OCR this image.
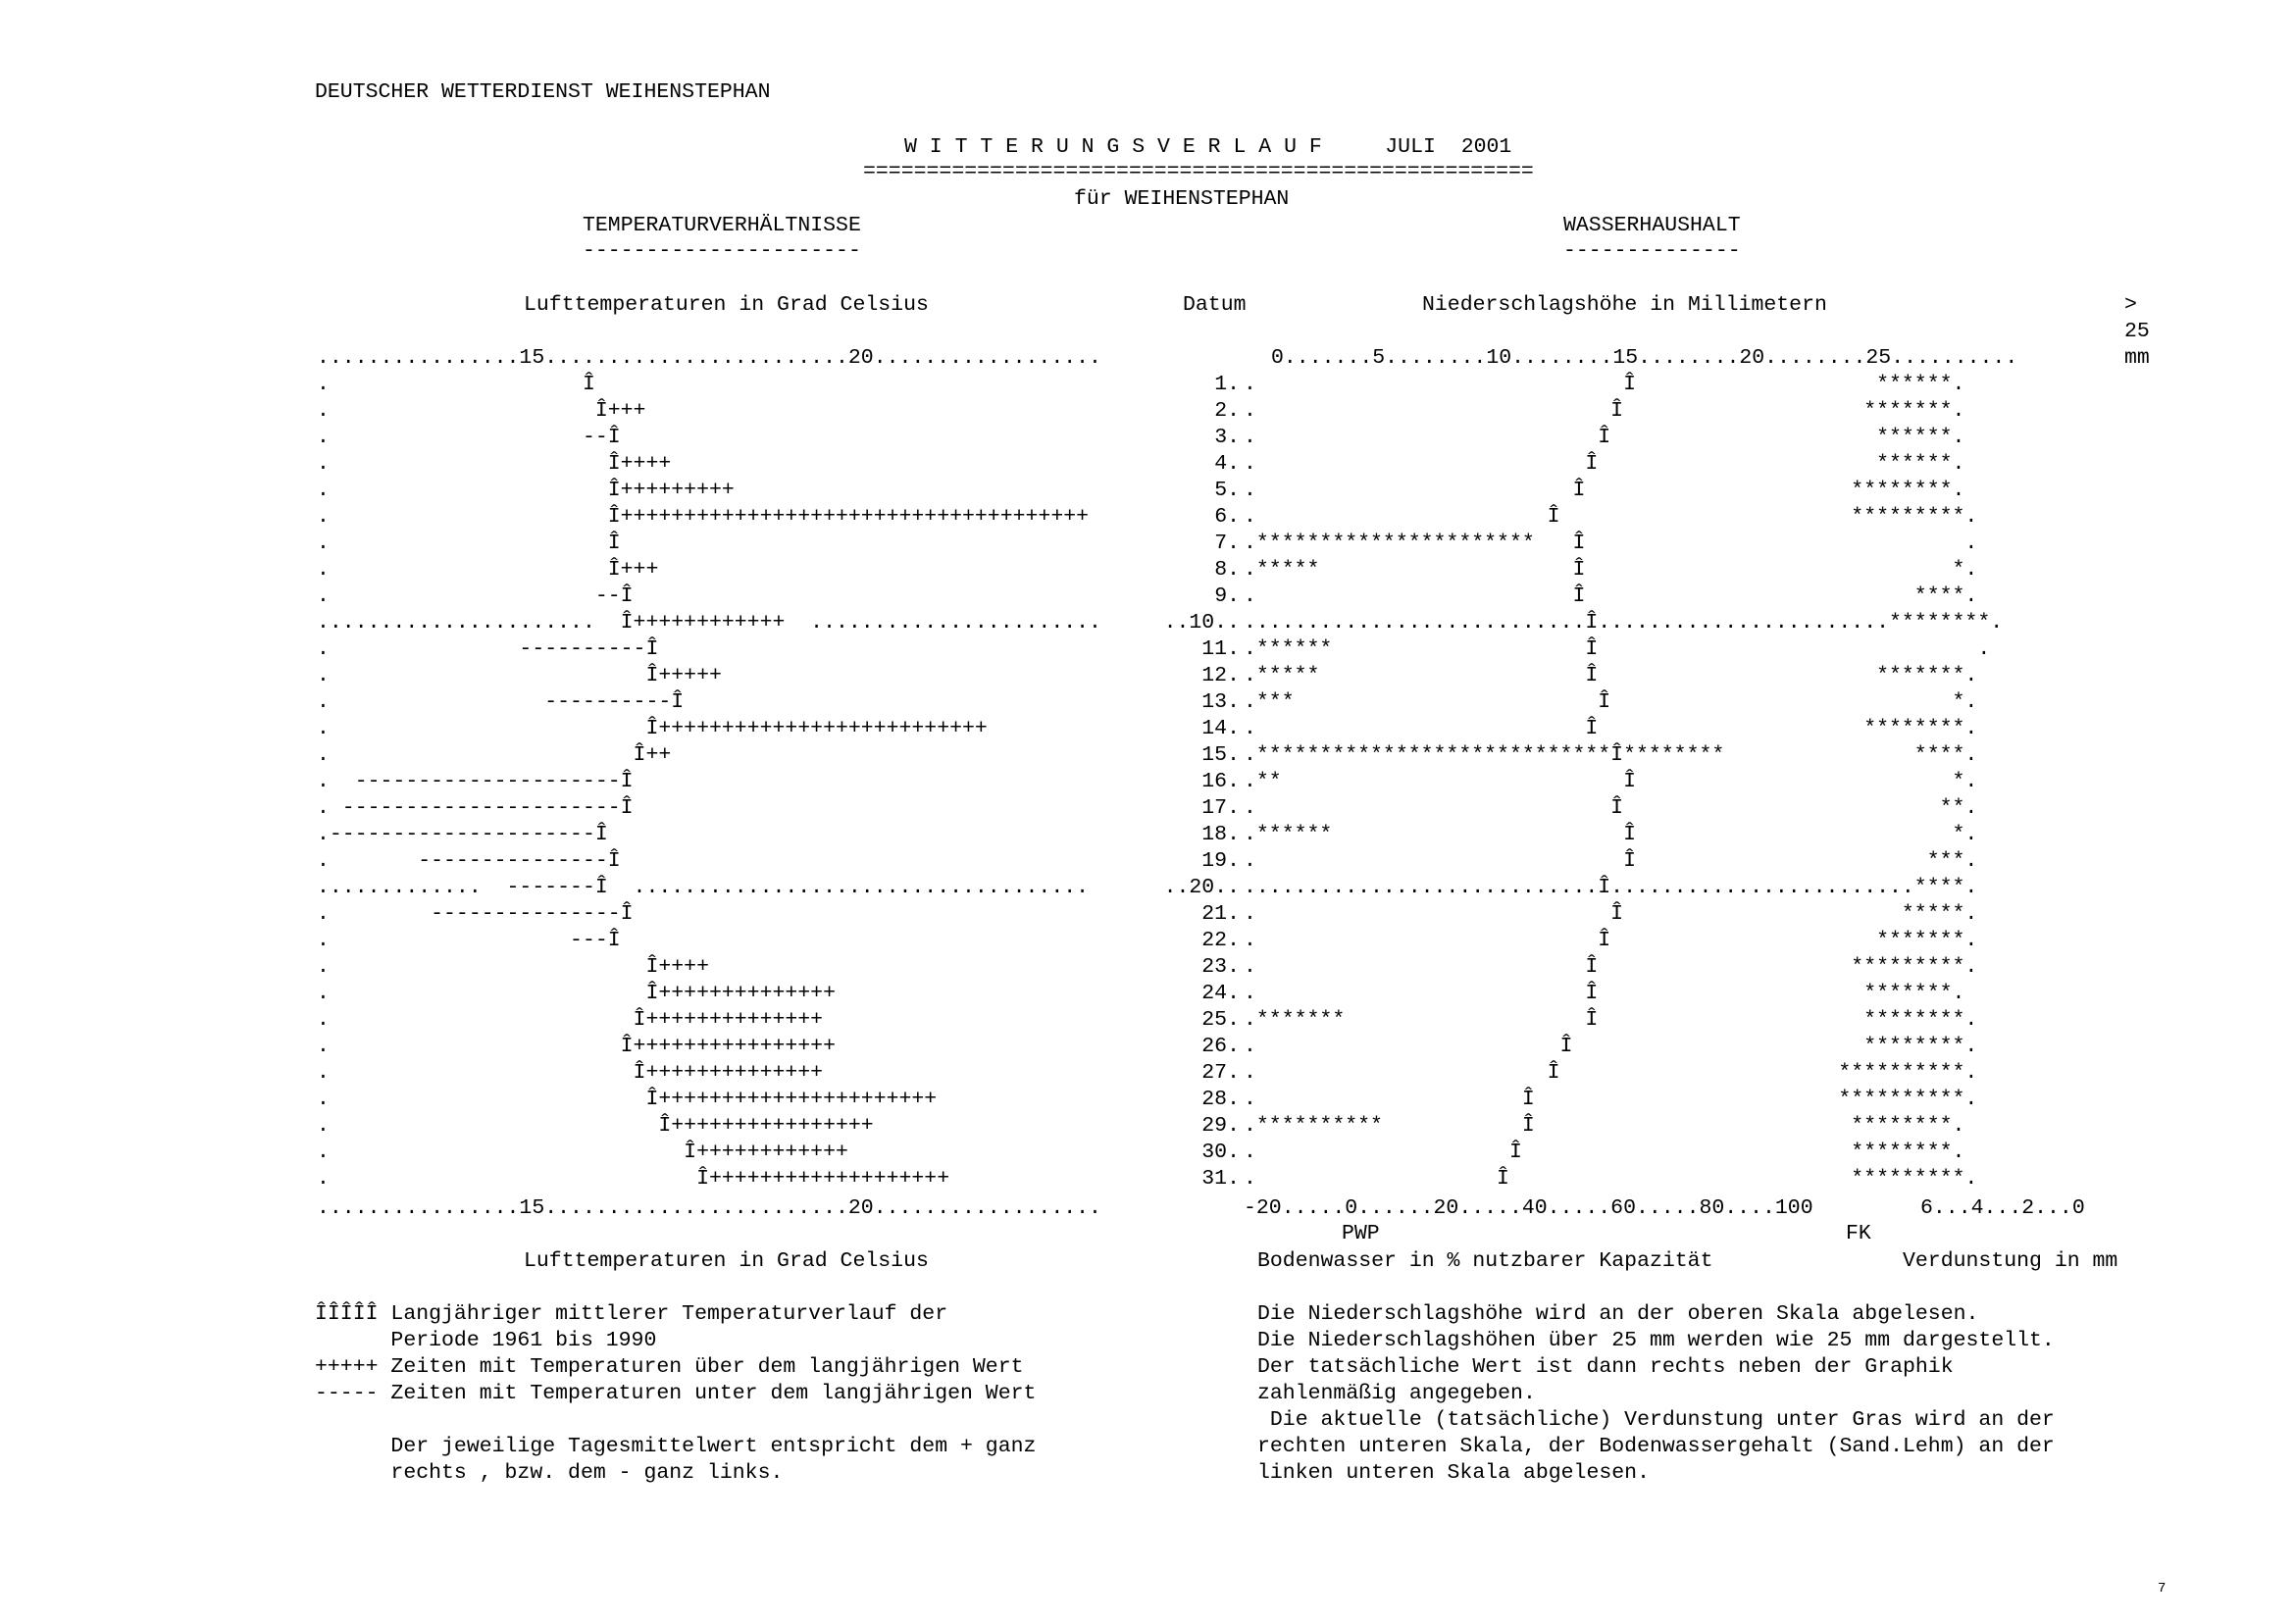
DEUTSCHER WETTERDIENST WEIHENSTEPHAN
W I T T E R U N G S V E R L A U F     JULI  2001
=====================================================
für WEIHENSTEPHAN
TEMPERATURVERHÄLTNISSE
----------------------
WASSERHAUSHALT
--------------
Lufttemperaturen in Grad Celsius	Datum	Niederschlagshöhe in Millimetern	>
25
................15........................20..................	0.......5........10........15........20........25..........	mm
.                    Î	1. .                             Î                   ******.
.                     Î+++	2. .                            Î                   *******.
.                    --Î	3. .                           Î                     ******.
.                      Î++++	4. .                          Î                      ******.
.                      Î+++++++++	5. .                         Î                     ********.
.                      Î+++++++++++++++++++++++++++++++++++++	6. .                       Î                       *********.
.                      Î	7. .**********************   Î                              .
.                      Î+++	8. .*****                    Î                             *.
.                     --Î	9. .                         Î                          ****.
......................  Î++++++++++++  .......................	..10.. ...........................Î.......................********.
.               ----------Î	11. .******                    Î                              .
.                         Î+++++	12. .*****                     Î                      *******.
.                 ----------Î	13. .***                        Î                           *.
.                         Î++++++++++++++++++++++++++	14. .                          Î                     ********.
.                        Î++	15. .****************************Î********               ****.
.  ---------------------Î	16. .**                           Î                         *.
. ----------------------Î	17. .                            Î                         **.
.---------------------Î	18. .******                       Î                         *.
.       ---------------Î	19. .                             Î                       ***.
.............  -------Î  ....................................	..20.. ............................Î........................****.
.        ---------------Î	21. .                            Î                      *****.
.                   ---Î	22. .                           Î                     *******.
.                         Î++++	23. .                          Î                    *********.
.                         Î++++++++++++++	24. .                          Î                     *******.
.                        Î++++++++++++++	25. .*******                   Î                     ********.
.                       Î++++++++++++++++	26. .                        Î                       ********.
.                        Î++++++++++++++	27. .                       Î                      **********.
.                         Î++++++++++++++++++++++	28. .                     Î                        **********.
.                          Î++++++++++++++++	29. .**********           Î                         ********.
.                            Î++++++++++++	30. .                    Î                          ********.
.                             Î+++++++++++++++++++	31. .                   Î                           *********.
................15........................20..................	-20.....0......20.....40.....60.....80....100	6...4...2...0
PWP	FK
Lufttemperaturen in Grad Celsius	Bodenwasser in % nutzbarer Kapazität	Verdunstung in mm
ÎÎÎÎÎ Langjähriger mittlerer Temperaturverlauf der
Periode 1961 bis 1990
+++++ Zeiten mit Temperaturen über dem langjährigen Wert
----- Zeiten mit Temperaturen unter dem langjährigen Wert
Der jeweilige Tagesmittelwert entspricht dem + ganz
rechts , bzw. dem - ganz links.
Die Niederschlagshöhe wird an der oberen Skala abgelesen.
Die Niederschlagshöhen über 25 mm werden wie 25 mm dargestellt.
Der tatsächliche Wert ist dann rechts neben der Graphik
zahlenmäßig angegeben.
Die aktuelle (tatsächliche) Verdunstung unter Gras wird an der
rechten unteren Skala, der Bodenwassergehalt (Sand.Lehm) an der
linken unteren Skala abgelesen.
7
